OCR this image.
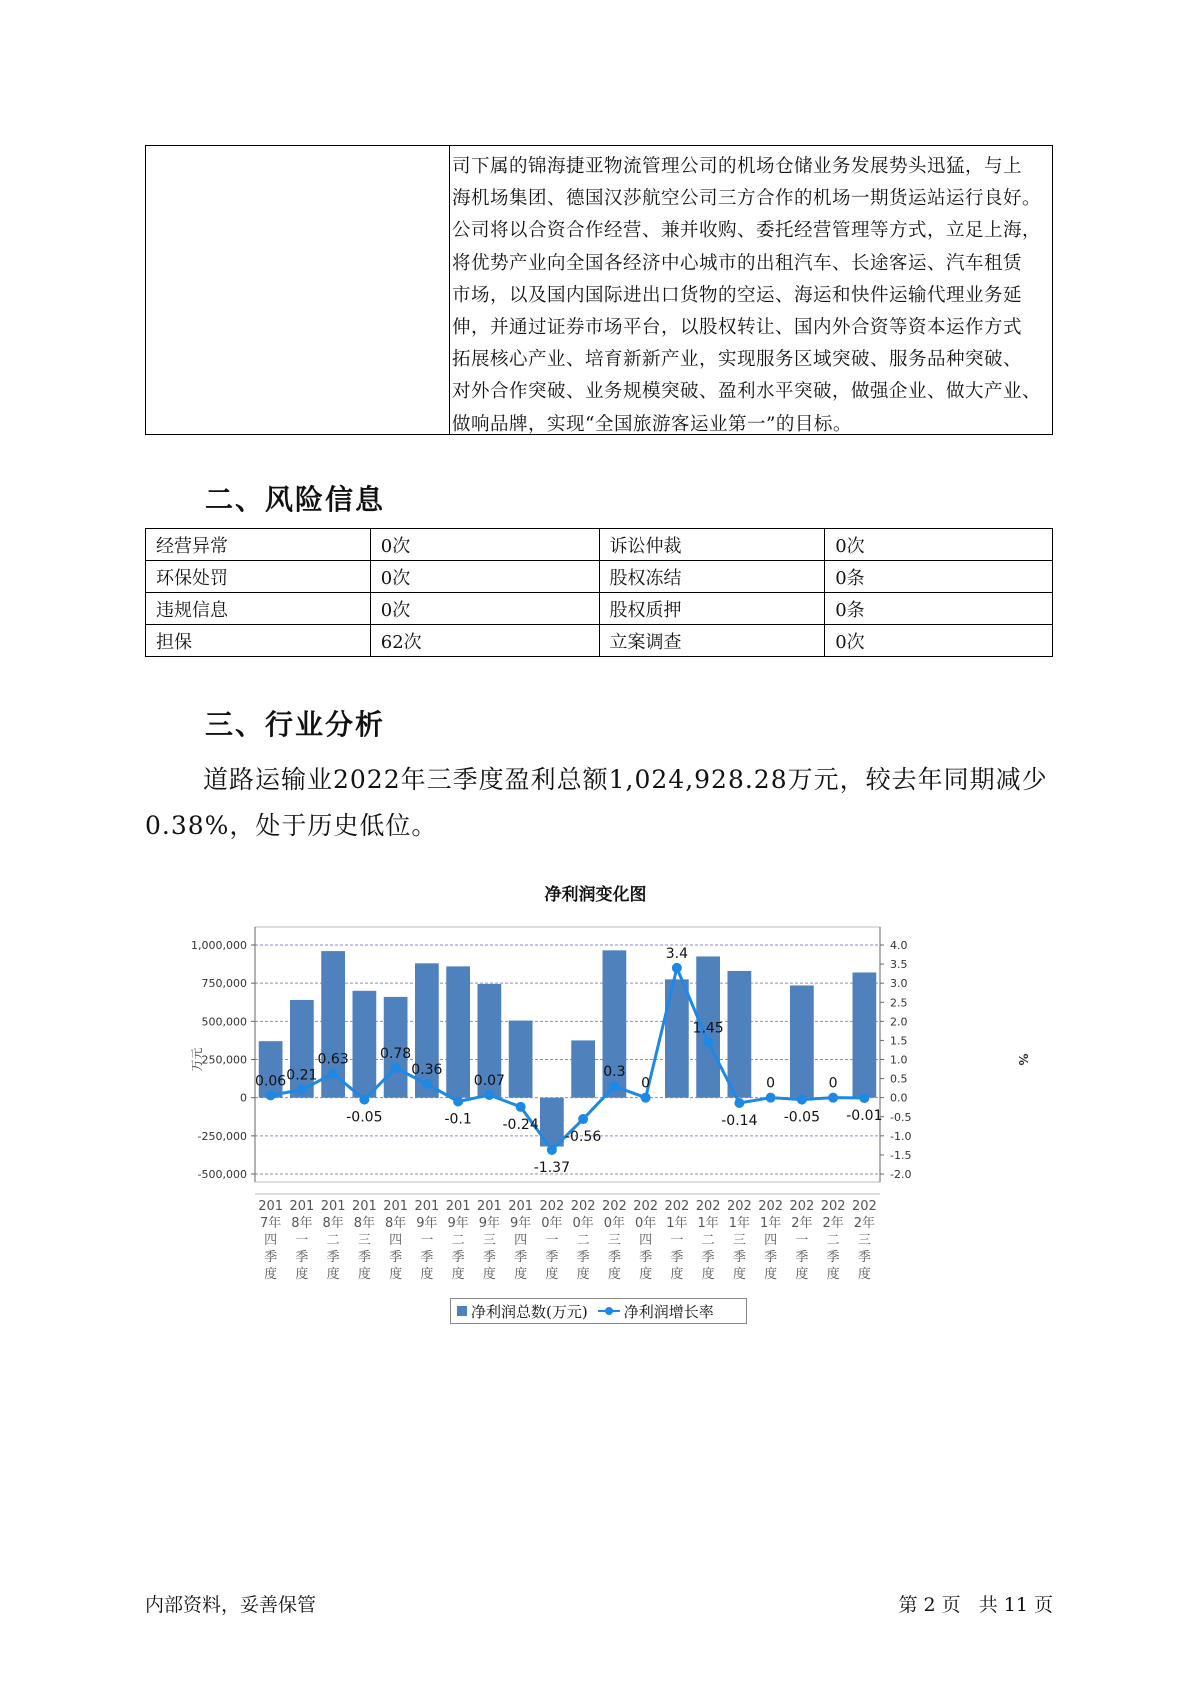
司下属的锦海捷亚物流管理公司的机场仓储业务发展势头迅猛，与上
海机场集团、德国汉莎航空公司三方合作的机场一期货运站运行良好。
公司将以合资合作经营、兼并收购、委托经营管理等方式，立足上海，
将优势产业向全国各经济中心城市的出租汽车、长途客运、汽车租赁
市场，以及国内国际进出口货物的空运、海运和快件运输代理业务延
伸，并通过证券市场平台，以股权转让、国内外合资等资本运作方式
拓展核心产业、培育新新产业，实现服务区域突破、服务品种突破、
对外合作突破、业务规模突破、盈利水平突破，做强企业、做大产业、
做响品牌，实现“全国旅游客运业第一”的目标。
二、风险信息
经营异常	0次	诉讼仲裁	0次
环保处罚	0次	股权冻结	0条
违规信息	0次	股权质押	0条
担保	62次	立案调查	0次
三、行业分析

道路运输业2022年三季度盈利总额1,024,928.28万元，较去年同期减少0.38%，处于历史低位。

净利润变化图
1,000,000
750,000
500,000
250,000
0
-250,000
-500,000
4.0
3.5
3.0
2.5
2.0
1.5
1.0
0.5
0.0
-0.5
-1.0
-1.5
-2.0
万元	%
201
7年
四
季
度
201
8年
一
季
度
201
8年
二
季
度
201
8年
三
季
度
201
8年
四
季
度
201
9年
一
季
度
201
9年
二
季
度
201
9年
三
季
度
201
9年
四
季
度
202
0年
一
季
度
202
0年
二
季
度
202
0年
三
季
度
202
0年
四
季
度
202
1年
一
季
度
202
1年
二
季
度
202
1年
三
季
度
202
1年
四
季
度
202
2年
一
季
度
202
2年
二
季
度
202
2年
三
季
度
0.06 0.21
0.63
-0.05
0.78
0.36
-0.1
0.07
-0.24
-1.37
-0.56
0.3
0
3.4
1.45
-0.14
0
-0.05
0
-0.01
净利润总数(万元) 净利润增长率
内部资料，妥善保管	第 2 页   共 11 页
